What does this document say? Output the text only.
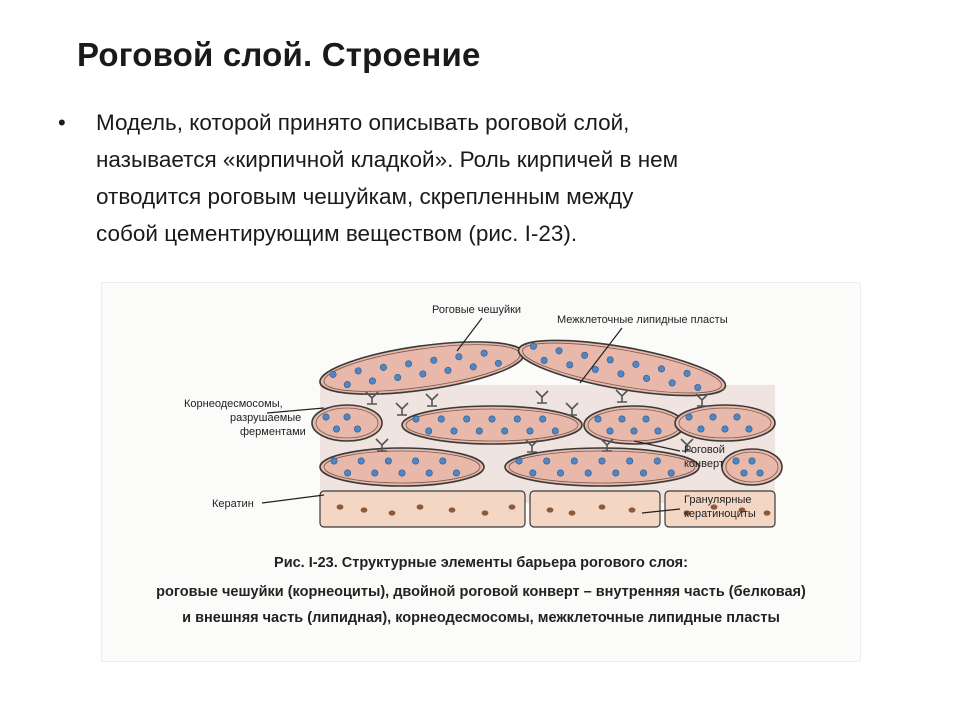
Роговой слой. Строение
• Модель, которой принято описывать роговой слой,
называется «кирпичной кладкой». Роль кирпичей в нем
отводится роговым чешуйкам, скрепленным между
собой цементирующим веществом (рис. I-23).
Роговые чешуйки
Межклеточные липидные пласты
Корнеодесмосомы,
разрушаемые
ферментами
Роговой
конверт
Кератин	Гранулярные
кератиноциты
Рис. I-23. Структурные элементы барьера рогового слоя:
роговые чешуйки (корнеоциты), двойной роговой конверт – внутренняя часть (белковая)
и внешняя часть (липидная), корнеодесмосомы, межклеточные липидные пласты
